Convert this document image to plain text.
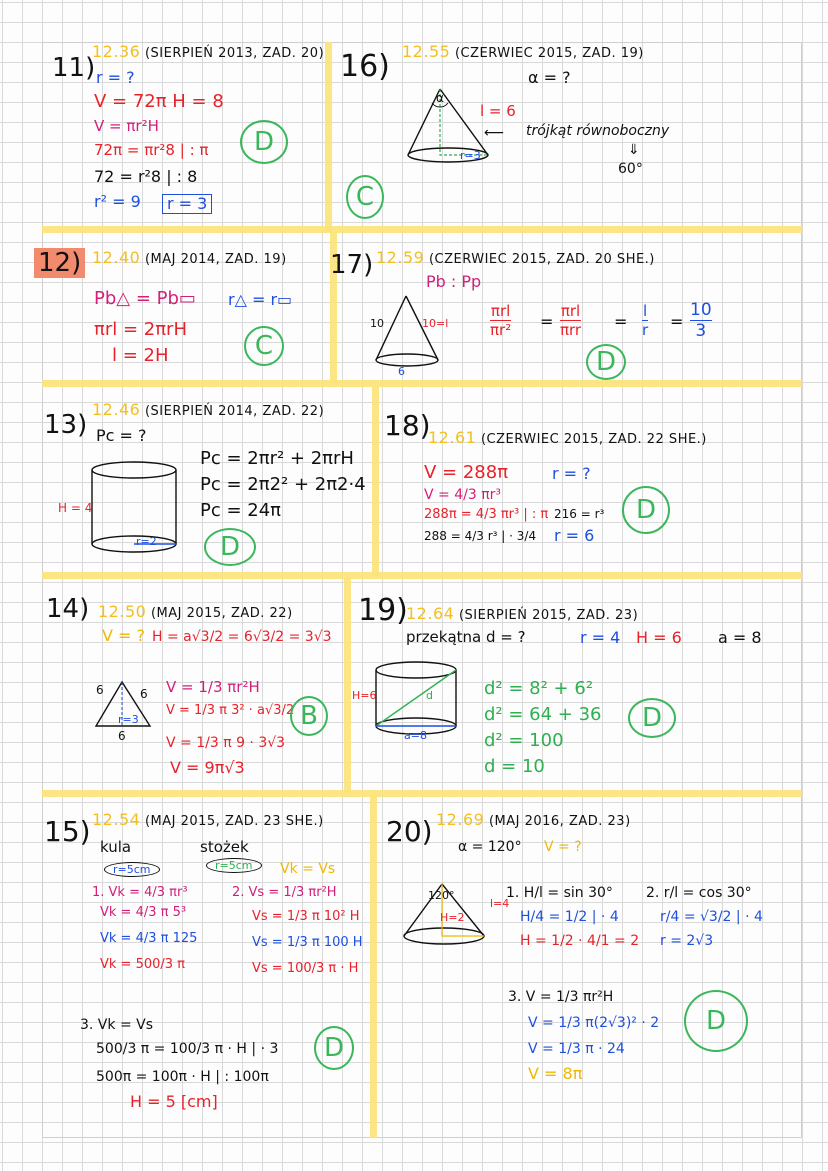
11)
12.36 (SIERPIEŃ 2013, ZAD. 20)
r = ?
V = 72π H = 8
V = πr²H
72π = πr²8 | : π
72 = r²8 | : 8
r² = 9	r = 3
D
16) 12.55 (CZERWIEC 2015, ZAD. 19)
α = ?
α
l = 6
r=3
⟵ trójkąt równoboczny
⇓
60°
C
12) 12.40 (MAJ 2014, ZAD. 19)
Pb△ = Pb▭ r△ = r▭
πrl = 2πrH
l = 2H	C
17) 12.59 (CZERWIEC 2015, ZAD. 20 SHE.)
Pb : Pp
10	10=l
6
πrl
πr² =
πrl
πrr =
l
r =
10
3
D
13)
12.46 (SIERPIEŃ 2014, ZAD. 22)
Pc = ?
H = 4
r=2
Pc = 2πr² + 2πrH
Pc = 2π2² + 2π2·4
Pc = 24π
D
18)
12.61 (CZERWIEC 2015, ZAD. 22 SHE.)
V = 288π	r = ?
V = 4/3 πr³
288π = 4/3 πr³ | : π
288 = 4/3 r³ | · 3/4
216 = r³
r = 6
D
14) 12.50 (MAJ 2015, ZAD. 22)
V = ? H = a√3/2 = 6√3/2 = 3√3
6	6
6
r=3
V = 1/3 πr²H
V = 1/3 π 3² · a√3/2
V = 1/3 π 9 · 3√3
V = 9π√3
B
19)
12.64 (SIERPIEŃ 2015, ZAD. 23)
przekątna d = ?	r = 4 H = 6 a = 8
H=6
a=8
d	d² = 8² + 6²
d² = 64 + 36
d² = 100
d = 10
D
15) 12.54 (MAJ 2015, ZAD. 23 SHE.)
kula	stożek
r=5cm	r=5cm	Vk = Vs
1. Vk = 4/3 πr³
Vk = 4/3 π 5³
Vk = 4/3 π 125
Vk = 500/3 π
2. Vs = 1/3 πr²H
Vs = 1/3 π 10² H
Vs = 1/3 π 100 H
Vs = 100/3 π · H
3. Vk = Vs
500/3 π = 100/3 π · H | · 3
500π = 100π · H | : 100π
H = 5 [cm]
D
20) 12.69 (MAJ 2016, ZAD. 23)
α = 120° V = ?
120°
l=4
H=2
1. H/l = sin 30°
H/4 = 1/2 | · 4
H = 1/2 · 4/1 = 2
2. r/l = cos 30°
r/4 = √3/2 | · 4
r = 2√3
3. V = 1/3 πr²H
V = 1/3 π(2√3)² · 2
V = 1/3 π · 24
V = 8π
D
